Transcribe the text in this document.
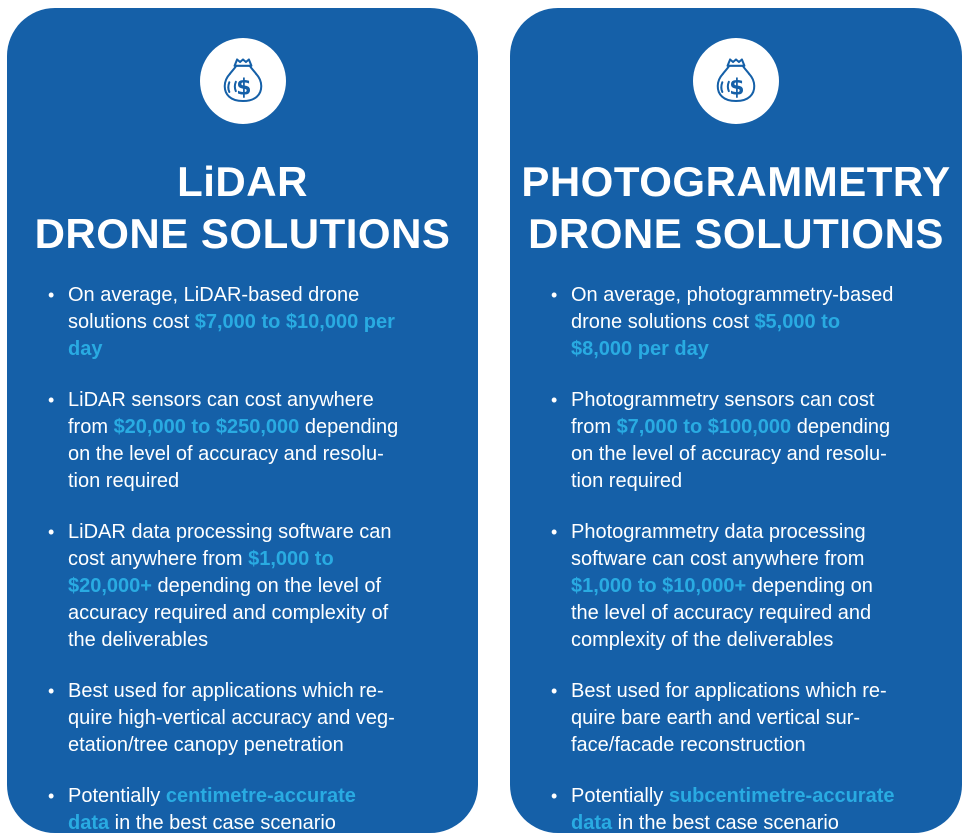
$
LiDAR
DRONE SOLUTIONS
• On average, LiDAR-based drone
solutions cost $7,000 to $10,000 per
day
• LiDAR sensors can cost anywhere
from $20,000 to $250,000 depending
on the level of accuracy and resolu-
tion required
• LiDAR data processing software can
cost anywhere from $1,000 to
$20,000+ depending on the level of
accuracy required and complexity of
the deliverables
• Best used for applications which re-
quire high-vertical accuracy and veg-
etation/tree canopy penetration
• Potentially centimetre-accurate
data in the best case scenario
$
PHOTOGRAMMETRY
DRONE SOLUTIONS
• On average, photogrammetry-based
drone solutions cost $5,000 to
$8,000 per day
• Photogrammetry sensors can cost
from $7,000 to $100,000 depending
on the level of accuracy and resolu-
tion required
• Photogrammetry data processing
software can cost anywhere from
$1,000 to $10,000+ depending on
the level of accuracy required and
complexity of the deliverables
• Best used for applications which re-
quire bare earth and vertical sur-
face/facade reconstruction
• Potentially subcentimetre-accurate
data in the best case scenario
